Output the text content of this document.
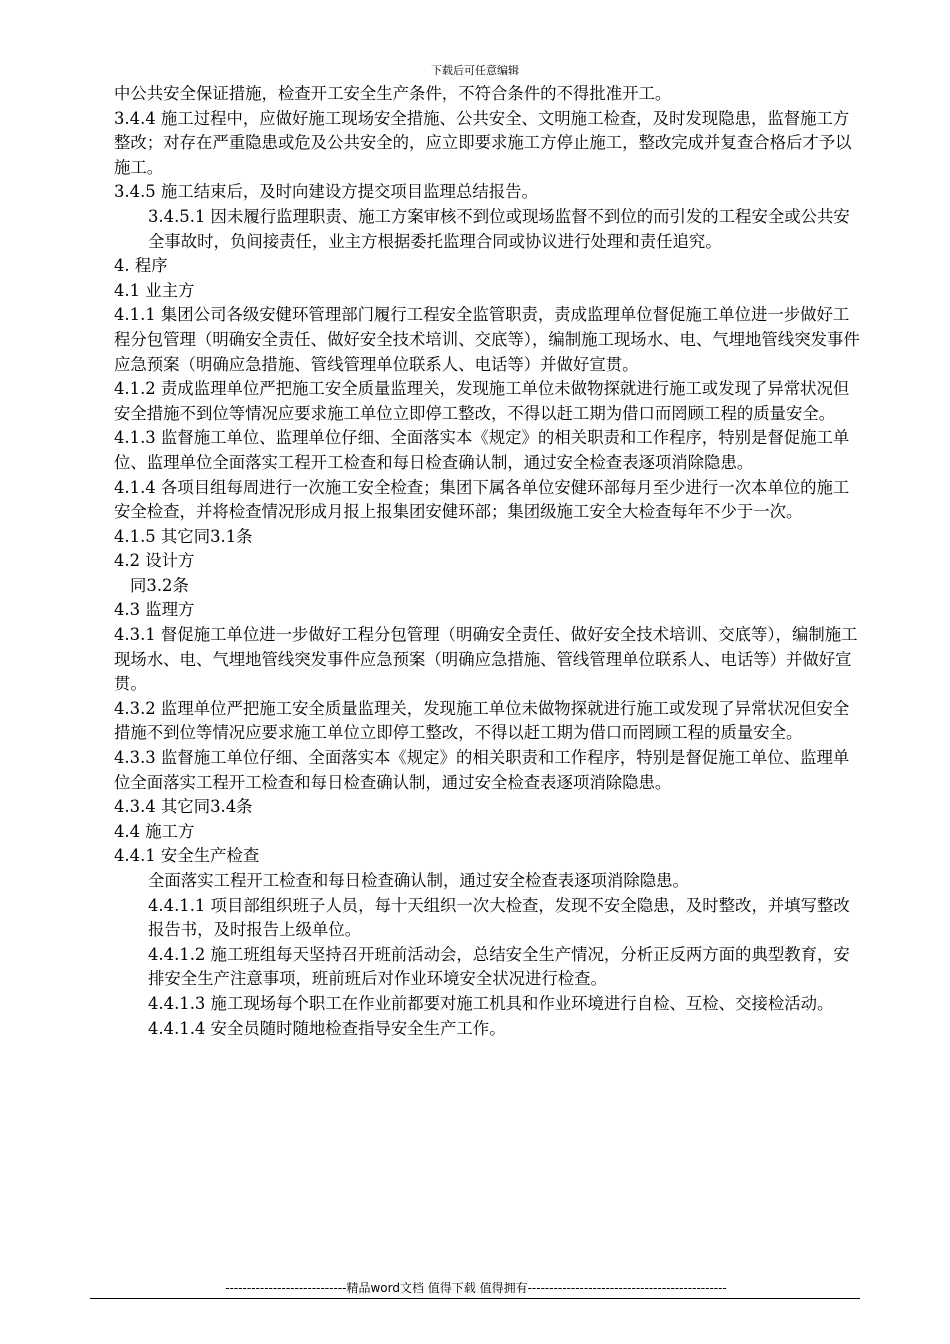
下载后可任意编辑

中公共安全保证措施，检查开工安全生产条件，不符合条件的不得批准开工。

3.4.4 施工过程中，应做好施工现场安全措施、公共安全、文明施工检查，及时发现隐患，监督施工方整改；对存在严重隐患或危及公共安全的，应立即要求施工方停止施工，整改完成并复查合格后才予以施工。

3.4.5 施工结束后，及时向建设方提交项目监理总结报告。

3.4.5.1 因未履行监理职责、施工方案审核不到位或现场监督不到位的而引发的工程安全或公共安全事故时，负间接责任，业主方根据委托监理合同或协议进行处理和责任追究。

4. 程序

4.1 业主方

4.1.1 集团公司各级安健环管理部门履行工程安全监管职责，责成监理单位督促施工单位进一步做好工程分包管理（明确安全责任、做好安全技术培训、交底等），编制施工现场水、电、气埋地管线突发事件应急预案（明确应急措施、管线管理单位联系人、电话等）并做好宣贯。

4.1.2 责成监理单位严把施工安全质量监理关，发现施工单位未做物探就进行施工或发现了异常状况但安全措施不到位等情况应要求施工单位立即停工整改，不得以赶工期为借口而罔顾工程的质量安全。

4.1.3 监督施工单位、监理单位仔细、全面落实本《规定》的相关职责和工作程序，特别是督促施工单位、监理单位全面落实工程开工检查和每日检查确认制，通过安全检查表逐项消除隐患。

4.1.4 各项目组每周进行一次施工安全检查；集团下属各单位安健环部每月至少进行一次本单位的施工安全检查，并将检查情况形成月报上报集团安健环部；集团级施工安全大检查每年不少于一次。

4.1.5 其它同3.1条

4.2 设计方

同3.2条

4.3 监理方

4.3.1 督促施工单位进一步做好工程分包管理（明确安全责任、做好安全技术培训、交底等），编制施工现场水、电、气埋地管线突发事件应急预案（明确应急措施、管线管理单位联系人、电话等）并做好宣贯。

4.3.2 监理单位严把施工安全质量监理关，发现施工单位未做物探就进行施工或发现了异常状况但安全措施不到位等情况应要求施工单位立即停工整改，不得以赶工期为借口而罔顾工程的质量安全。

4.3.3 监督施工单位仔细、全面落实本《规定》的相关职责和工作程序，特别是督促施工单位、监理单位全面落实工程开工检查和每日检查确认制，通过安全检查表逐项消除隐患。

4.3.4 其它同3.4条

4.4 施工方

4.4.1 安全生产检查

全面落实工程开工检查和每日检查确认制，通过安全检查表逐项消除隐患。

4.4.1.1 项目部组织班子人员，每十天组织一次大检查，发现不安全隐患，及时整改，并填写整改报告书，及时报告上级单位。

4.4.1.2 施工班组每天坚持召开班前活动会，总结安全生产情况，分析正反两方面的典型教育，安排安全生产注意事项，班前班后对作业环境安全状况进行检查。

4.4.1.3 施工现场每个职工在作业前都要对施工机具和作业环境进行自检、互检、交接检活动。

4.4.1.4 安全员随时随地检查指导安全生产工作。

----------------------------精品word文档 值得下载 值得拥有----------------------------------------------
